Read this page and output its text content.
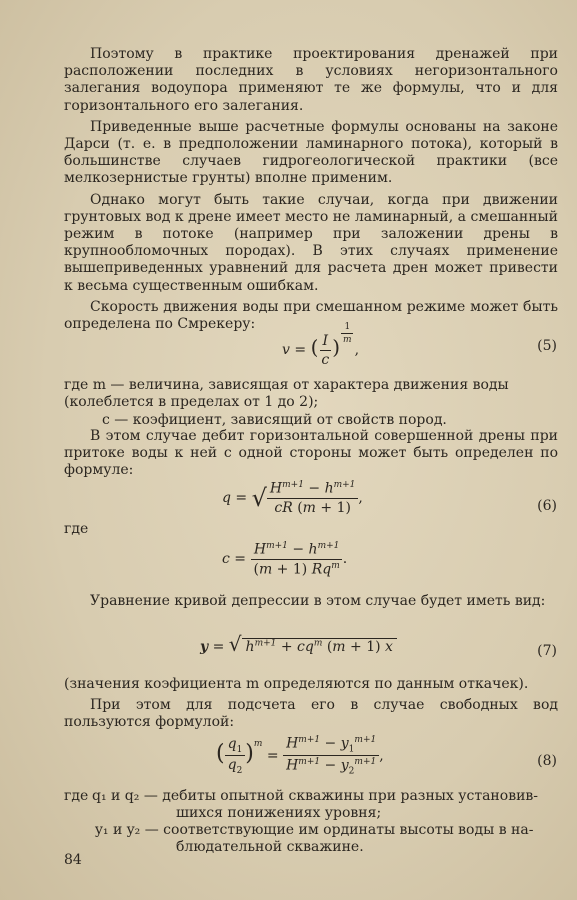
Поэтому в практике проектирования дренажей при расположении последних в условиях негоризонтального залегания водоупора применяют те же формулы, что и для горизонтального его залегания.

Приведенные выше расчетные формулы основаны на законе Дарси (т. е. в предположении ламинарного потока), который в большинстве случаев гидрогеологической практики (все мелкозернистые грунты) вполне применим.

Однако могут быть такие случаи, когда при движении грунтовых вод к дрене имеет место не ламинарный, а смешанный режим в потоке (например при заложении дрены в крупнообломочных породах). В этих случаях применение вышеприведенных уравнений для расчета дрен может привести к весьма существенным ошибкам.

Скорость движения воды при смешанном режиме может быть определена по Смрекеру:

v = ( $\frac{I}{c}$ )
$^{\frac{1}{m}}$
,	(5)
где m — величина, зависящая от характера движения воды (колеблется в пределах от 1 до 2);
c — коэфициент, зависящий от свойств пород.

В этом случае дебит горизонтальной совершенной дрены при притоке воды к ней с одной стороны может быть определен по формуле:

q = √ $\frac{H^{m+1} - h^{m+1}}{cR (m + 1)}$ ,
(6)
где
$c = \frac{H^{m+1} - h^{m+1}}{(m + 1) Rq^m}$ .

Уравнение кривой депрессии в этом случае будет иметь вид:

y = √ $h^{m+1} + cq^m$ (m + 1) x	(7)

(значения коэфициента m определяются по данным откачек).

При этом для подсчета его в случае свободных вод пользуются формулой:

( $\frac{q_1}{q_2} )^m = \frac{H^{m+1} - y_1^{m+1}}{H^{m+1} - y_2^{m+1}}$ ,	(8)
где q₁ и q₂ — дебиты опытной скважины при разных установив-
шихся понижениях уровня;
y₁ и y₂ — соответствующие им ординаты высоты воды в на-
блюдательной скважине.
84
